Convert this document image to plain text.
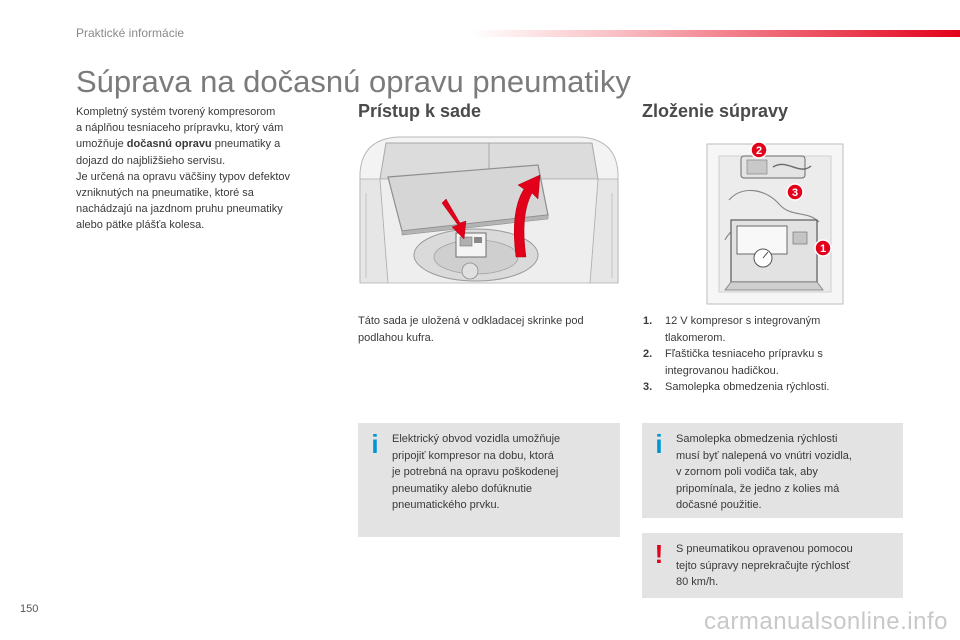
Praktické informácie
Súprava na dočasnú opravu pneumatiky
Kompletný systém tvorený kompresorom
a náplňou tesniaceho prípravku, ktorý vám
umožňuje dočasnú opravu pneumatiky a
dojazd do najbližšieho servisu.
Je určená na opravu väčšiny typov defektov
vzniknutých na pneumatike, ktoré sa
nachádzajú na jazdnom pruhu pneumatiky
alebo pätke plášťa kolesa.
Prístup k sade
Táto sada je uložená v odkladacej skrinke pod
podlahou kufra.
i	Elektrický obvod vozidla umožňuje
pripojiť kompresor na dobu, ktorá
je potrebná na opravu poškodenej
pneumatiky alebo dofúknutie
pneumatického prvku.
Zloženie súpravy
2
3
1
1.	12 V kompresor s integrovaným
tlakomerom.
2.	Fľaštička tesniaceho prípravku s
integrovanou hadičkou.
3.	Samolepka obmedzenia rýchlosti.
i	Samolepka obmedzenia rýchlosti
musí byť nalepená vo vnútri vozidla,
v zornom poli vodiča tak, aby
pripomínala, že jedno z kolies má
dočasné použitie.
! S pneumatikou opravenou pomocou
tejto súpravy neprekračujte rýchlosť
80 km/h.
150	carmanualsonline.info
